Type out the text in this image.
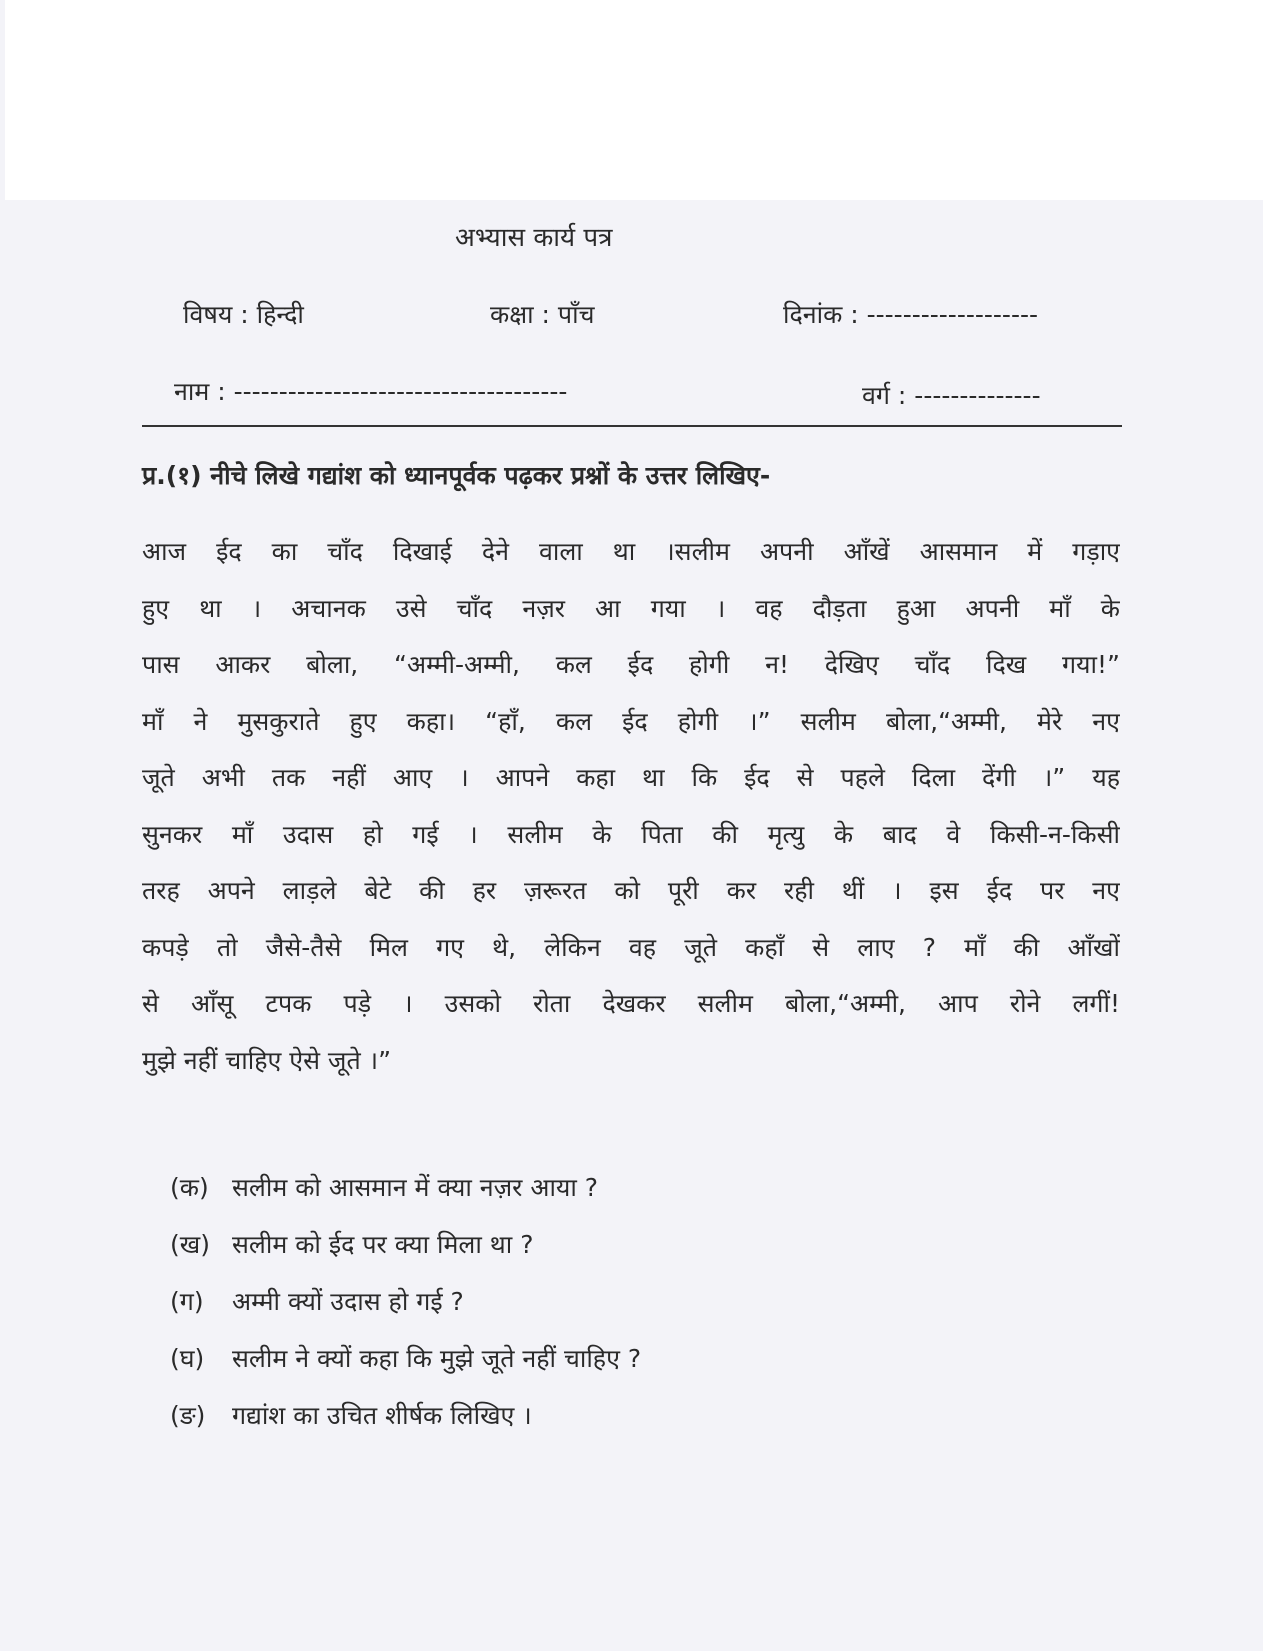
अभ्यास कार्य पत्र
विषय : हिन्दी	कक्षा : पाँच	दिनांक : -------------------
नाम : -------------------------------------	वर्ग : --------------
प्र.(१) नीचे लिखे गद्यांश को ध्यानपूर्वक पढ़कर प्रश्नों के उत्तर लिखिए-
आज ईद का चाँद दिखाई देने वाला था ।सलीम अपनी आँखें आसमान में गड़ाए
हुए था । अचानक उसे चाँद नज़र आ गया । वह दौड़ता हुआ अपनी माँ के
पास आकर बोला, “अम्मी-अम्मी, कल ईद होगी न! देखिए चाँद दिख गया!”
माँ ने मुसकुराते हुए कहा। “हाँ, कल ईद होगी ।” सलीम बोला,“अम्मी, मेरे नए
जूते अभी तक नहीं आए । आपने कहा था कि ईद से पहले दिला देंगी ।” यह
सुनकर माँ उदास हो गई । सलीम के पिता की मृत्यु के बाद वे किसी-न-किसी
तरह अपने लाड़ले बेटे की हर ज़रूरत को पूरी कर रही थीं । इस ईद पर नए
कपड़े तो जैसे-तैसे मिल गए थे, लेकिन वह जूते कहाँ से लाए ? माँ की आँखों
से आँसू टपक पड़े । उसको रोता देखकर सलीम बोला,“अम्मी, आप रोने लगीं!
मुझे नहीं चाहिए ऐसे जूते ।”
(क) सलीम को आसमान में क्या नज़र आया ?
(ख) सलीम को ईद पर क्या मिला था ?
(ग) अम्मी क्यों उदास हो गई ?
(घ) सलीम ने क्यों कहा कि मुझे जूते नहीं चाहिए ?
(ङ) गद्यांश का उचित शीर्षक लिखिए ।
